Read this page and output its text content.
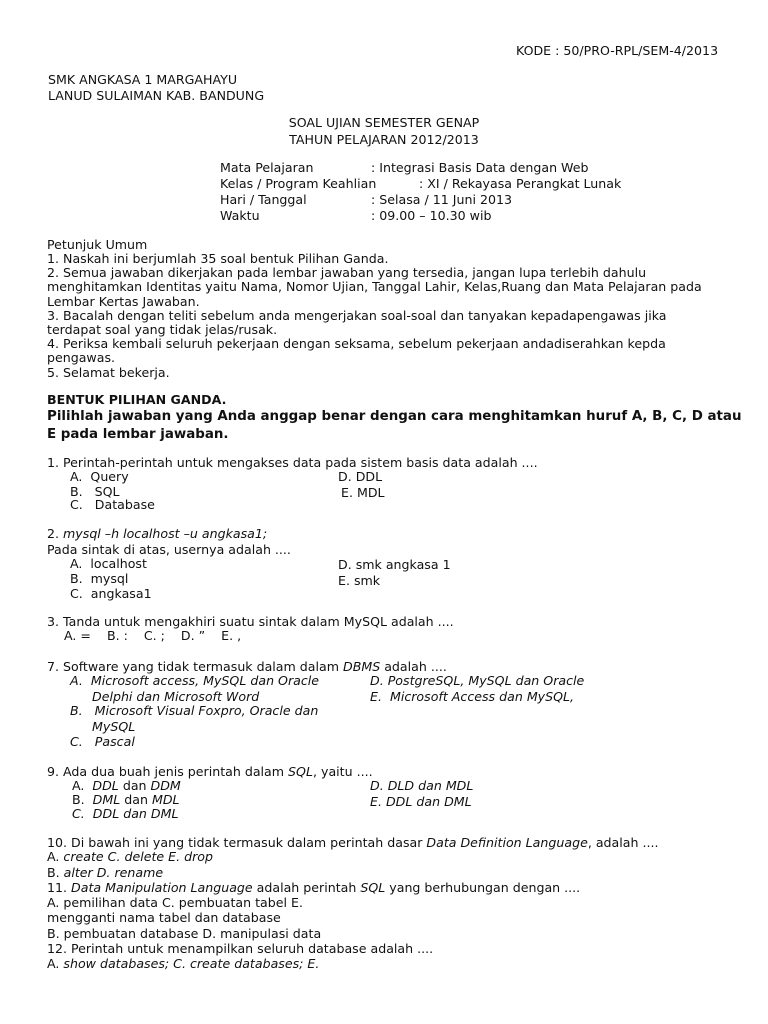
KODE : 50/PRO-RPL/SEM-4/2013
SMK ANGKASA 1 MARGAHAYU
LANUD SULAIMAN KAB. BANDUNG
SOAL UJIAN SEMESTER GENAP
TAHUN PELAJARAN 2012/2013
Mata Pelajaran	: Integrasi Basis Data dengan Web
Kelas / Program Keahlian	: XI / Rekayasa Perangkat Lunak
Hari / Tanggal	: Selasa / 11 Juni 2013
Waktu	: 09.00 – 10.30 wib
Petunjuk Umum
1. Naskah ini berjumlah 35 soal bentuk Pilihan Ganda.
2. Semua jawaban dikerjakan pada lembar jawaban yang tersedia, jangan lupa terlebih dahulu
menghitamkan Identitas yaitu Nama, Nomor Ujian, Tanggal Lahir, Kelas,Ruang dan Mata Pelajaran pada
Lembar Kertas Jawaban.
3. Bacalah dengan teliti sebelum anda mengerjakan soal-soal dan tanyakan kepadapengawas jika
terdapat soal yang tidak jelas/rusak.
4. Periksa kembali seluruh pekerjaan dengan seksama, sebelum pekerjaan andadiserahkan kepda
pengawas.
5. Selamat bekerja.
BENTUK PILIHAN GANDA.
Pilihlah jawaban yang Anda anggap benar dengan cara menghitamkan huruf A, B, C, D atau
E pada lembar jawaban.
1. Perintah-perintah untuk mengakses data pada sistem basis data adalah ....
A.  Query
B.   SQL
C.   Database
D. DDL
E. MDL
2. mysql –h localhost –u angkasa1;
Pada sintak di atas, usernya adalah ....
A.  localhost
B.  mysql
C.  angkasa1
D. smk angkasa 1
E. smk
3. Tanda untuk mengakhiri suatu sintak dalam MySQL adalah ....
A. =    B. :    C. ;    D. ”    E. ,
7. Software yang tidak termasuk dalam dalam DBMS adalah ....
A.  Microsoft access, MySQL dan Oracle
Delphi dan Microsoft Word
B.   Microsoft Visual Foxpro, Oracle dan
MySQL
C.   Pascal
D. PostgreSQL, MySQL dan Oracle
E.  Microsoft Access dan MySQL,
9. Ada dua buah jenis perintah dalam SQL, yaitu ....
A.  DDL dan DDM
B.  DML dan MDL
C.  DDL dan DML
D. DLD dan MDL
E. DDL dan DML
10. Di bawah ini yang tidak termasuk dalam perintah dasar Data Definition Language, adalah ....
A. create C. delete E. drop
B. alter D. rename
11. Data Manipulation Language adalah perintah SQL yang berhubungan dengan ....
A. pemilihan data C. pembuatan tabel E.
mengganti nama tabel dan database
B. pembuatan database D. manipulasi data
12. Perintah untuk menampilkan seluruh database adalah ....
A. show databases; C. create databases; E.
